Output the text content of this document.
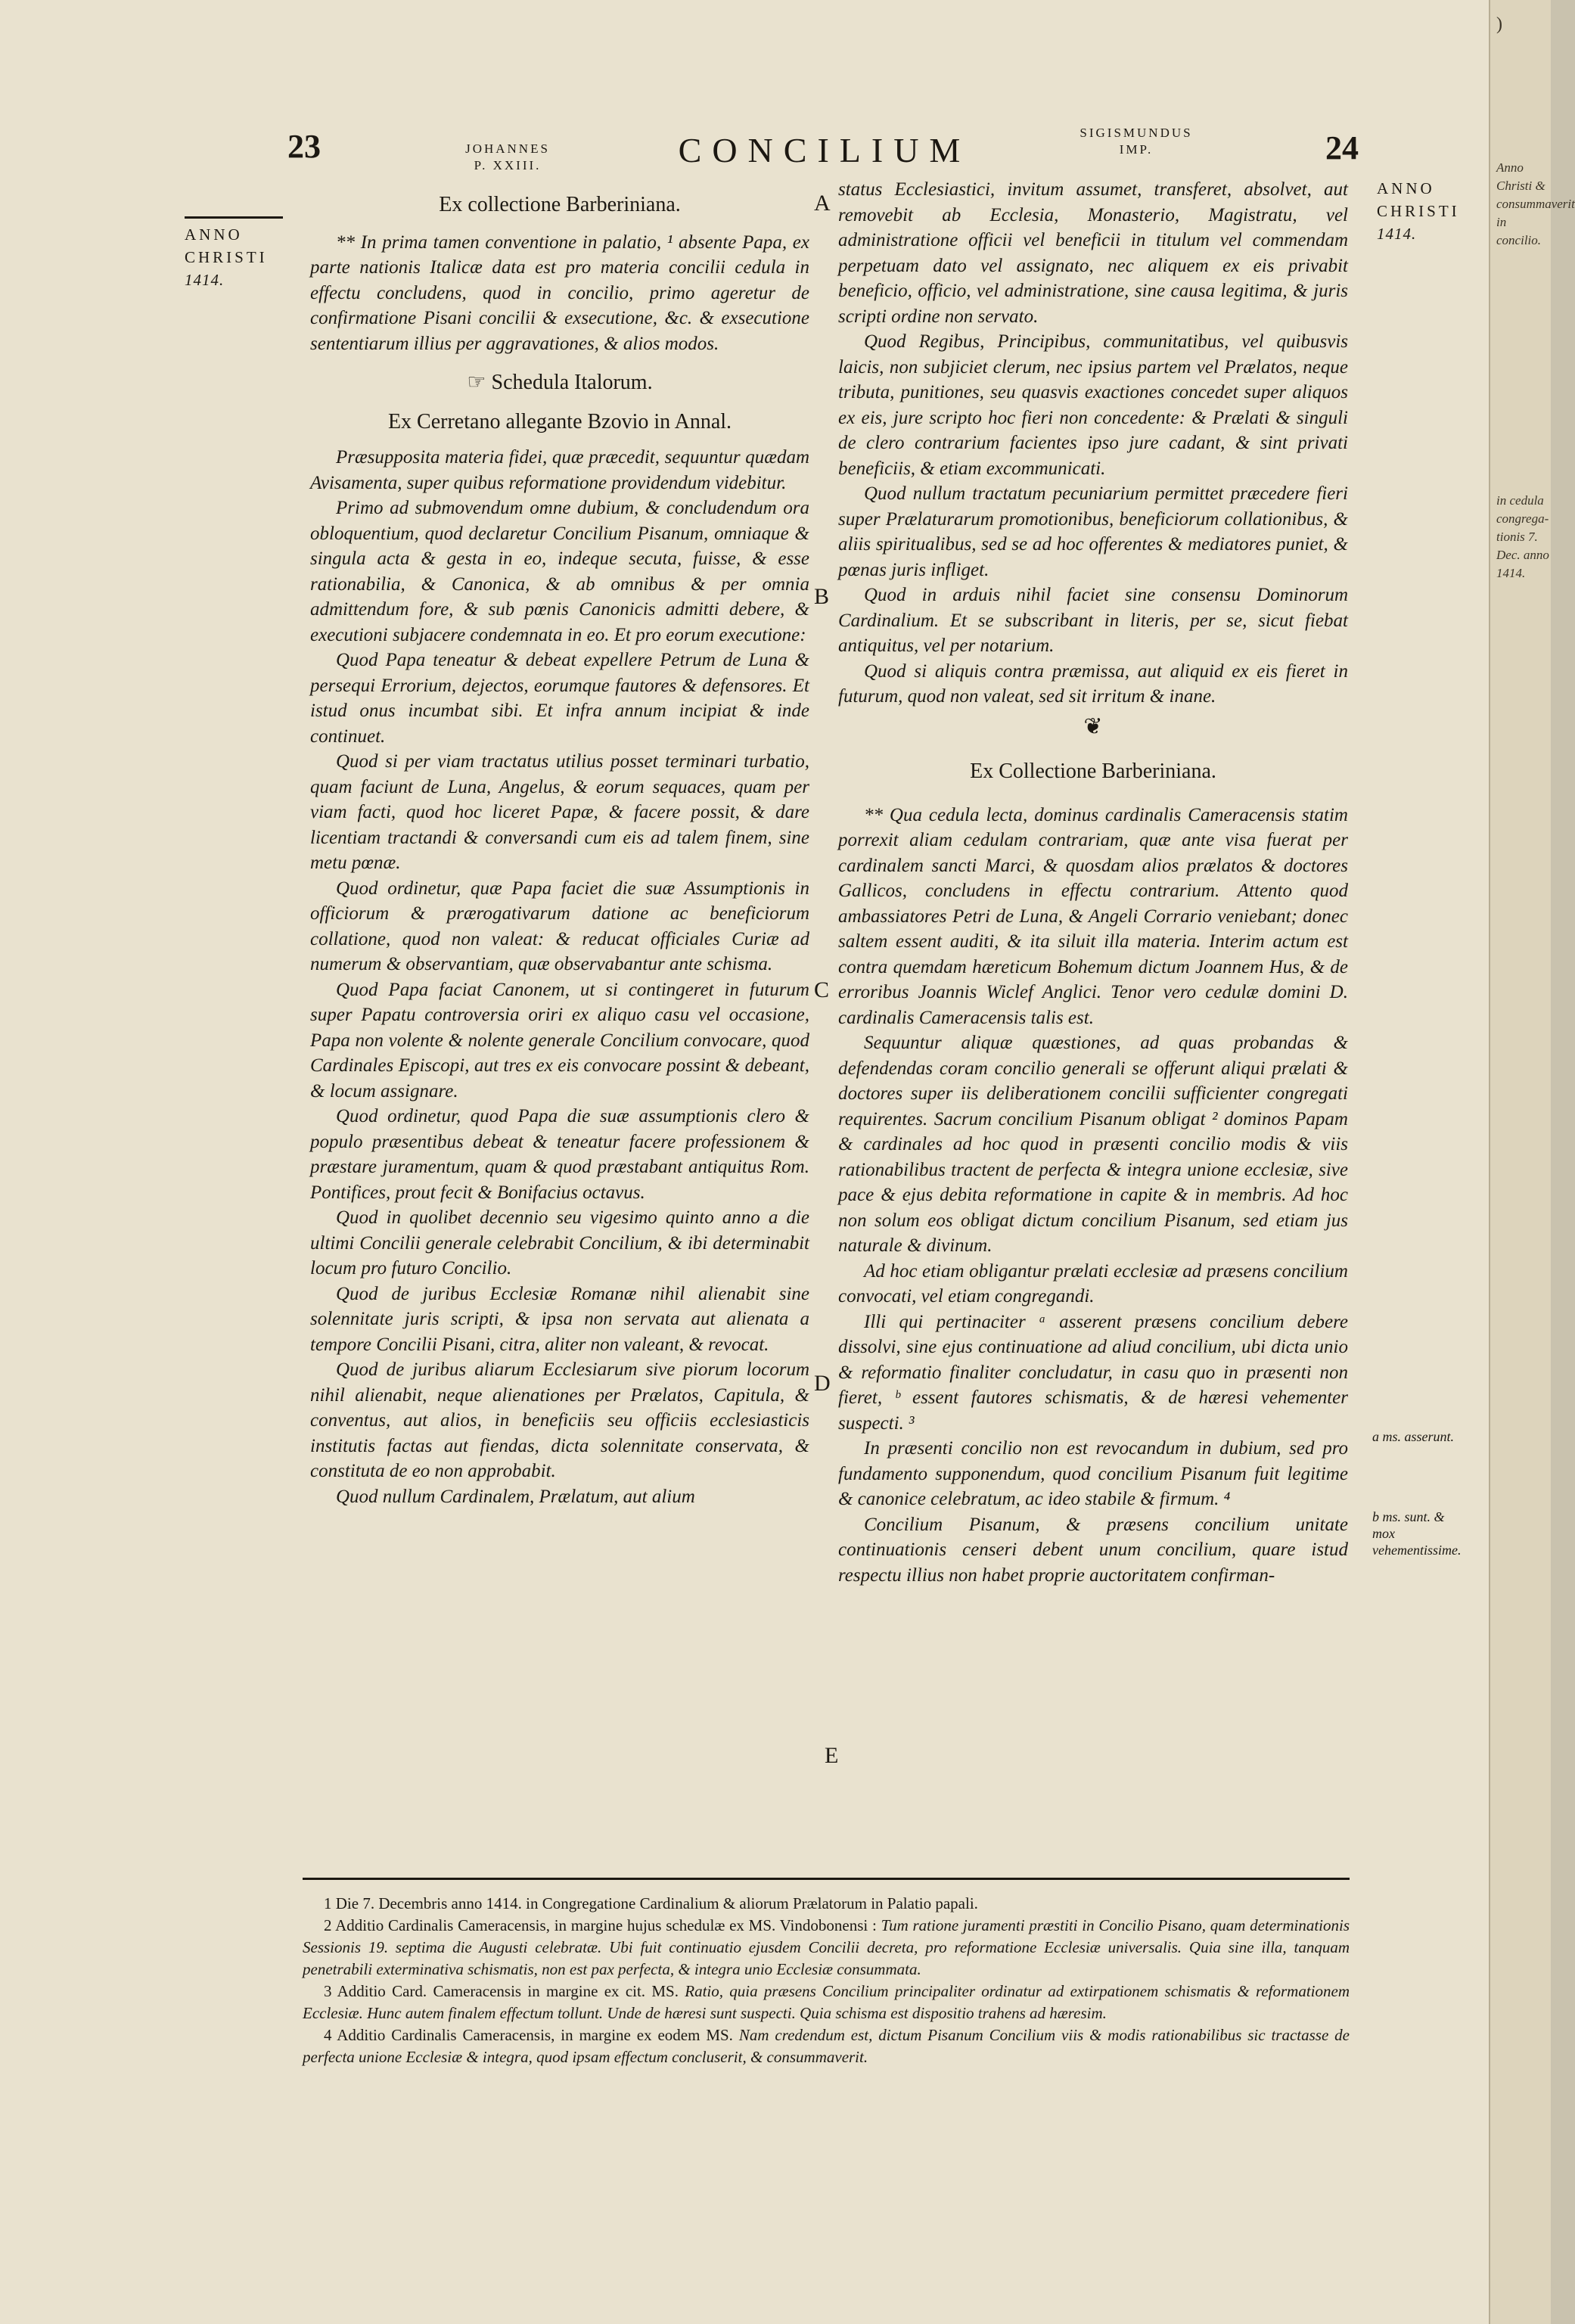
23	JOHANNES
P. XXIII.	CONCILIUM	SIGISMUNDUS
IMP.	24
ANNO
CHRISTI
1414.
ANNO
CHRISTI
1414.
Ex collectione Barberiniana.

** In prima tamen conventione in palatio, ¹ absente Papa, ex parte nationis Italicæ data est pro materia concilii cedula in effectu concludens, quod in concilio, primo ageretur de confirmatione Pisani concilii & exsecutione, &c. & exsecutione sententiarum illius per aggravationes, & alios modos.

☞ Schedula Italorum.
Ex Cerretano allegante Bzovio in Annal.

Præsupposita materia fidei, quæ præcedit, sequuntur quædam Avisamenta, super quibus reformatione providendum videbitur.

Primo ad submovendum omne dubium, & concludendum ora obloquentium, quod declaretur Concilium Pisanum, omniaque & singula acta & gesta in eo, indeque secuta, fuisse, & esse rationabilia, & Canonica, & ab omnibus & per omnia admittendum fore, & sub pœnis Canonicis admitti debere, & executioni subjacere condemnata in eo. Et pro eorum executione:

Quod Papa teneatur & debeat expellere Petrum de Luna & persequi Errorium, dejectos, eorumque fautores & defensores. Et istud onus incumbat sibi. Et infra annum incipiat & inde continuet.

Quod si per viam tractatus utilius posset terminari turbatio, quam faciunt de Luna, Angelus, & eorum sequaces, quam per viam facti, quod hoc liceret Papæ, & facere possit, & dare licentiam tractandi & conversandi cum eis ad talem finem, sine metu pœnæ.

Quod ordinetur, quæ Papa faciet die suæ Assumptionis in officiorum & prærogativarum datione ac beneficiorum collatione, quod non valeat: & reducat officiales Curiæ ad numerum & observantiam, quæ observabantur ante schisma.

Quod Papa faciat Canonem, ut si contingeret in futurum super Papatu controversia oriri ex aliquo casu vel occasione, Papa non volente & nolente generale Concilium convocare, quod Cardinales Episcopi, aut tres ex eis convocare possint & debeant, & locum assignare.

Quod ordinetur, quod Papa die suæ assumptionis clero & populo præsentibus debeat & teneatur facere professionem & præstare juramentum, quam & quod præstabant antiquitus Rom. Pontifices, prout fecit & Bonifacius octavus.

Quod in quolibet decennio seu vigesimo quinto anno a die ultimi Concilii generale celebrabit Concilium, & ibi determinabit locum pro futuro Concilio.

Quod de juribus Ecclesiæ Romanæ nihil alienabit sine solennitate juris scripti, & ipsa non servata aut alienata a tempore Concilii Pisani, citra, aliter non valeant, & revocat.

Quod de juribus aliarum Ecclesiarum sive piorum locorum nihil alienabit, neque alienationes per Prælatos, Capitula, & conventus, aut alios, in beneficiis seu officiis ecclesiasticis institutis factas aut fiendas, dicta solennitate conservata, & constituta de eo non approbabit.

Quod nullum Cardinalem, Prælatum, aut alium

A
B
C
D
E

status Ecclesiastici, invitum assumet, transferet, absolvet, aut removebit ab Ecclesia, Monasterio, Magistratu, vel administratione officii vel beneficii in titulum vel commendam perpetuam dato vel assignato, nec aliquem ex eis privabit beneficio, officio, vel administratione, sine causa legitima, & juris scripti ordine non servato.

Quod Regibus, Principibus, communitatibus, vel quibusvis laicis, non subjiciet clerum, nec ipsius partem vel Prælatos, neque tributa, punitiones, seu quasvis exactiones concedet super aliquos ex eis, jure scripto hoc fieri non concedente: & Prælati & singuli de clero contrarium facientes ipso jure cadant, & sint privati beneficiis, & etiam excommunicati.

Quod nullum tractatum pecuniarium permittet præcedere fieri super Prælaturarum promotionibus, beneficiorum collationibus, & aliis spiritualibus, sed se ad hoc offerentes & mediatores puniet, & pœnas juris infliget.

Quod in arduis nihil faciet sine consensu Dominorum Cardinalium. Et se subscribant in literis, per se, sicut fiebat antiquitus, vel per notarium.

Quod si aliquis contra præmissa, aut aliquid ex eis fieret in futurum, quod non valeat, sed sit irritum & inane.

❦
Ex Collectione Barberiniana.

** Qua cedula lecta, dominus cardinalis Cameracensis statim porrexit aliam cedulam contrariam, quæ ante visa fuerat per cardinalem sancti Marci, & quosdam alios prælatos & doctores Gallicos, concludens in effectu contrarium. Attento quod ambassiatores Petri de Luna, & Angeli Corrario veniebant; donec saltem essent auditi, & ita siluit illa materia. Interim actum est contra quemdam hæreticum Bohemum dictum Joannem Hus, & de erroribus Joannis Wiclef Anglici. Tenor vero cedulæ domini D. cardinalis Cameracensis talis est.

Sequuntur aliquæ quæstiones, ad quas probandas & defendendas coram concilio generali se offerunt aliqui prælati & doctores super iis deliberationem concilii sufficienter congregati requirentes. Sacrum concilium Pisanum obligat ² dominos Papam & cardinales ad hoc quod in præsenti concilio modis & viis rationabilibus tractent de perfecta & integra unione ecclesiæ, sive pace & ejus debita reformatione in capite & in membris. Ad hoc non solum eos obligat dictum concilium Pisanum, sed etiam jus naturale & divinum.

Ad hoc etiam obligantur prælati ecclesiæ ad præsens concilium convocati, vel etiam congregandi.

Illi qui pertinaciter ᵃ asserent præsens concilium debere dissolvi, sine ejus continuatione ad aliud concilium, ubi dicta unio & reformatio finaliter concludatur, in casu quo in præsenti non fieret, ᵇ essent fautores schismatis, & de hæresi vehementer suspecti. ³

In præsenti concilio non est revocandum in dubium, sed pro fundamento supponendum, quod concilium Pisanum fuit legitime & canonice celebratum, ac ideo stabile & firmum. ⁴

Concilium Pisanum, & præsens concilium unitate continuationis censeri debent unum concilium, quare istud respectu illius non habet proprie auctoritatem confirman-

a ms. asserunt.
b ms. sunt. & mox vehementissime.

1 Die 7. Decembris anno 1414. in Congregatione Cardinalium & aliorum Prælatorum in Palatio papali.

2 Additio Cardinalis Cameracensis, in margine hujus schedulæ ex MS. Vindobonensi : Tum ratione juramenti præstiti in Concilio Pisano, quam determinationis Sessionis 19. septima die Augusti celebratæ. Ubi fuit continuatio ejusdem Concilii decreta, pro reformatione Ecclesiæ universalis. Quia sine illa, tanquam penetrabili exterminativa schismatis, non est pax perfecta, & integra unio Ecclesiæ consummata.

3 Additio Card. Cameracensis in margine ex cit. MS. Ratio, quia præsens Concilium principaliter ordinatur ad extirpationem schismatis & reformationem Ecclesiæ. Hunc autem finalem effectum tollunt. Unde de hæresi sunt suspecti. Quia schisma est dispositio trahens ad hæresim.

4 Additio Cardinalis Cameracensis, in margine ex eodem MS. Nam credendum est, dictum Pisanum Concilium viis & modis rationabilibus sic tractasse de perfecta unione Ecclesiæ & integra, quod ipsam effectum concluserit, & consummaverit.

)
Anno Christi & consummaverit in concilio.
in cedula congrega- tionis 7. Dec. anno 1414.
